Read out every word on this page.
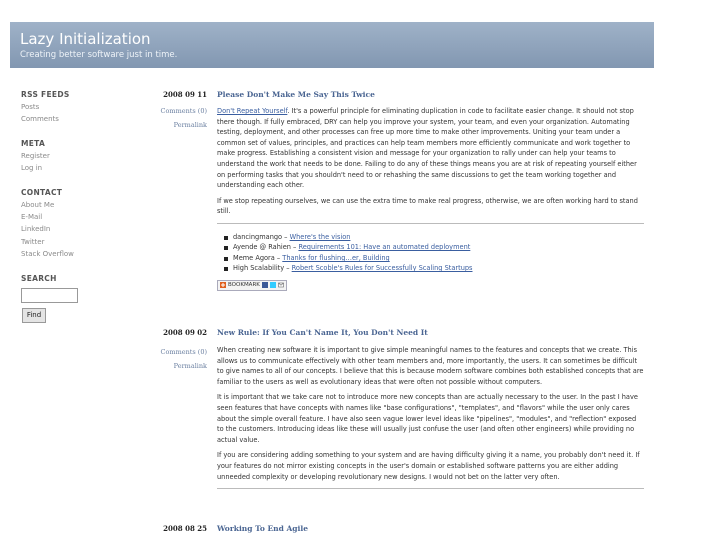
Lazy Initialization
Creating better software just in time.
RSS FEEDS
Posts
Comments
META
Register
Log in
CONTACT
About Me
E-Mail
LinkedIn
Twitter
Stack Overflow
SEARCH
Find
2008 09 11
Comments (0)
Permalink
Please Don't Make Me Say This Twice

Don't Repeat Yourself. It's a powerful principle for eliminating duplication in code to facilitate easier change. It should not stop there though. If fully embraced, DRY can help you improve your system, your team, and even your organization. Automating testing, deployment, and other processes can free up more time to make other improvements. Uniting your team under a common set of values, principles, and practices can help team members more efficiently communicate and work together to make progress. Establishing a consistent vision and message for your organization to rally under can help your teams to understand the work that needs to be done. Failing to do any of these things means you are at risk of repeating yourself either on performing tasks that you shouldn't need to or rehashing the same discussions to get the team working together and understanding each other.

If we stop repeating ourselves, we can use the extra time to make real progress, otherwise, we are often working hard to stand still.

dancingmango – Where's the vision
Ayende @ Rahien – Requirements 101: Have an automated deployment
Meme Agora – Thanks for flushing…er, Building
High Scalability – Robert Scoble's Rules for Successfully Scaling Startups
BOOKMARK
2008 09 02
Comments (0)
Permalink
New Rule: If You Can't Name It, You Don't Need It

When creating new software it is important to give simple meaningful names to the features and concepts that we create. This allows us to communicate effectively with other team members and, more importantly, the users. It can sometimes be difficult to give names to all of our concepts. I believe that this is because modern software combines both established concepts that are familiar to the users as well as evolutionary ideas that were often not possible without computers.

It is important that we take care not to introduce more new concepts than are actually necessary to the user. In the past I have seen features that have concepts with names like "base configurations", "templates", and "flavors" while the user only cares about the simple overall feature. I have also seen vague lower level ideas like "pipelines", "modules", and "reflection" exposed to the customers. Introducing ideas like these will usually just confuse the user (and often other engineers) while providing no actual value.

If you are considering adding something to your system and are having difficulty giving it a name, you probably don't need it. If your features do not mirror existing concepts in the user's domain or established software patterns you are either adding unneeded complexity or developing revolutionary new designs. I would not bet on the latter very often.

2008 08 25 Working To End Agile
